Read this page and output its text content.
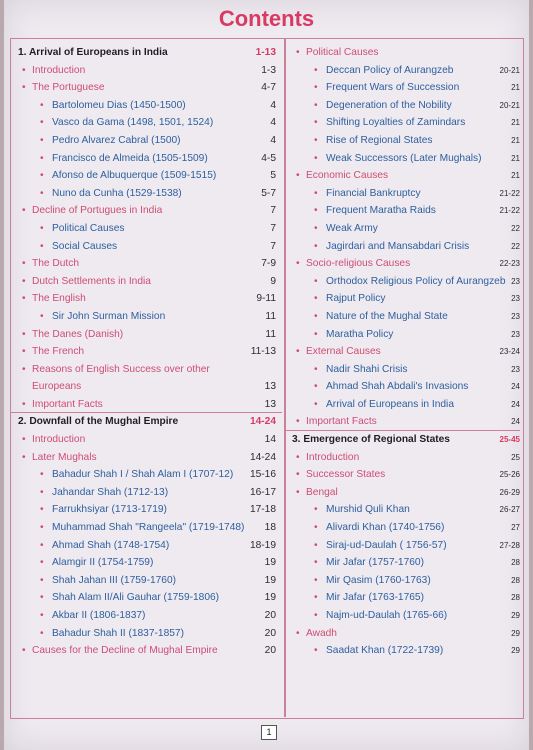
Contents
1. Arrival of Europeans in India	1-13
• Introduction	1-3
• The Portuguese	4-7
• Bartolomeu Dias (1450-1500)	4
• Vasco da Gama (1498, 1501, 1524)	4
• Pedro Alvarez Cabral (1500)	4
• Francisco de Almeida (1505-1509)	4-5
• Afonso de Albuquerque (1509-1515)	5
• Nuno da Cunha (1529-1538)	5-7
• Decline of Portugues in India	7
• Political Causes	7
• Social Causes	7
• The Dutch	7-9
• Dutch Settlements in India	9
• The English	9-11
• Sir John Surman Mission	11
• The Danes (Danish)	11
• The French	11-13
• Reasons of English Success over other
Europeans	13
• Important Facts	13
2. Downfall of the Mughal Empire	14-24
• Introduction	14
• Later Mughals	14-24
• Bahadur Shah I / Shah Alam I (1707-12) 15-16
• Jahandar Shah (1712-13)	16-17
• Farrukhsiyar (1713-1719)	17-18
• Muhammad Shah "Rangeela" (1719-1748) 18
• Ahmad Shah (1748-1754)	18-19
• Alamgir II (1754-1759)	19
• Shah Jahan III (1759-1760)	19
• Shah Alam II/Ali Gauhar (1759-1806)	19
• Akbar II (1806-1837)	20
• Bahadur Shah II (1837-1857)	20
• Causes for the Decline of Mughal Empire	20
• Political Causes
• Deccan Policy of Aurangzeb	20-21
• Frequent Wars of Succession	21
• Degeneration of the Nobility	20-21
• Shifting Loyalties of Zamindars	21
• Rise of Regional States	21
• Weak Successors (Later Mughals)	21
• Economic Causes	21
• Financial Bankruptcy	21-22
• Frequent Maratha Raids	21-22
• Weak Army	22
• Jagirdari and Mansabdari Crisis	22
• Socio-religious Causes	22-23
• Orthodox Religious Policy of Aurangzeb 23
• Rajput Policy	23
• Nature of the Mughal State	23
• Maratha Policy	23
• External Causes	23-24
• Nadir Shahi Crisis	23
• Ahmad Shah Abdali's Invasions	24
• Arrival of Europeans in India	24
• Important Facts	24
3. Emergence of Regional States	25-45
• Introduction	25
• Successor States	25-26
• Bengal	26-29
• Murshid Quli Khan	26-27
• Alivardi Khan (1740-1756)	27
• Siraj-ud-Daulah ( 1756-57)	27-28
• Mir Jafar (1757-1760)	28
• Mir Qasim (1760-1763)	28
• Mir Jafar (1763-1765)	28
• Najm-ud-Daulah (1765-66)	29
• Awadh	29
• Saadat Khan (1722-1739)	29
1
